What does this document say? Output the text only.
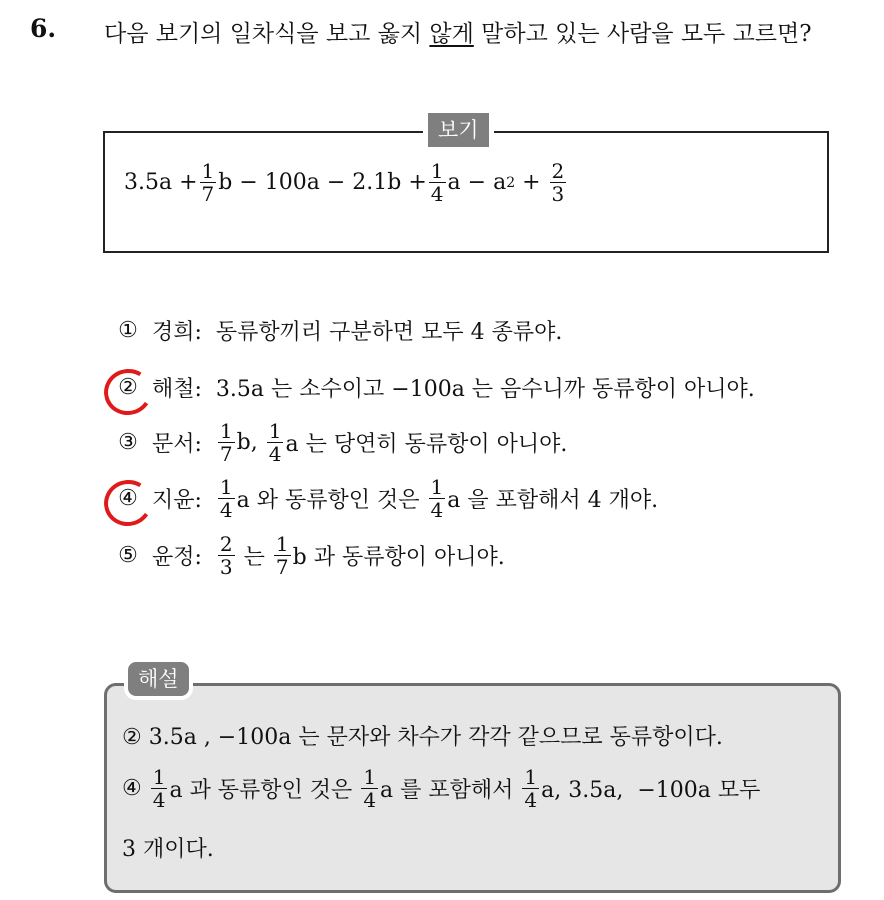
6. 다음 보기의 일차식을 보고 옳지 않게 말하고 있는 사람을 모두 고르면?
보기
$3.5a + \frac{1}{7}$ $b - 100a - 2.1b + \frac{1}{4}$ a − a $2 + \frac{2}{3}$
① 경희: 동류항끼리 구분하면 모두 4 종류야.
② 해철: 3.5a 는 소수이고 −100a 는 음수니까 동류항이 아니야.
③ 문서: $\frac{1}{7} b$, $\frac{1}{4}$ a 는 당연히 동류항이 아니야.
④ 지윤: $\frac{1}{4}$ a 와 동류항인 것은 $\frac{1}{4}$ a 을 포함해서 4 개야.
⑤ 윤정: $\frac{2}{3}$ 는 $\frac{1}{7}$ b 과 동류항이 아니야.
해설
② 3.5a , −100a 는 문자와 차수가 각각 같으므로 동류항이다.
④ $\frac{1}{4}$ a 과 동류항인 것은 $\frac{1}{4}$ a 를 포함해서 $\frac{1}{4} a$, 3.5a,  −100a 모두
3 개이다.
